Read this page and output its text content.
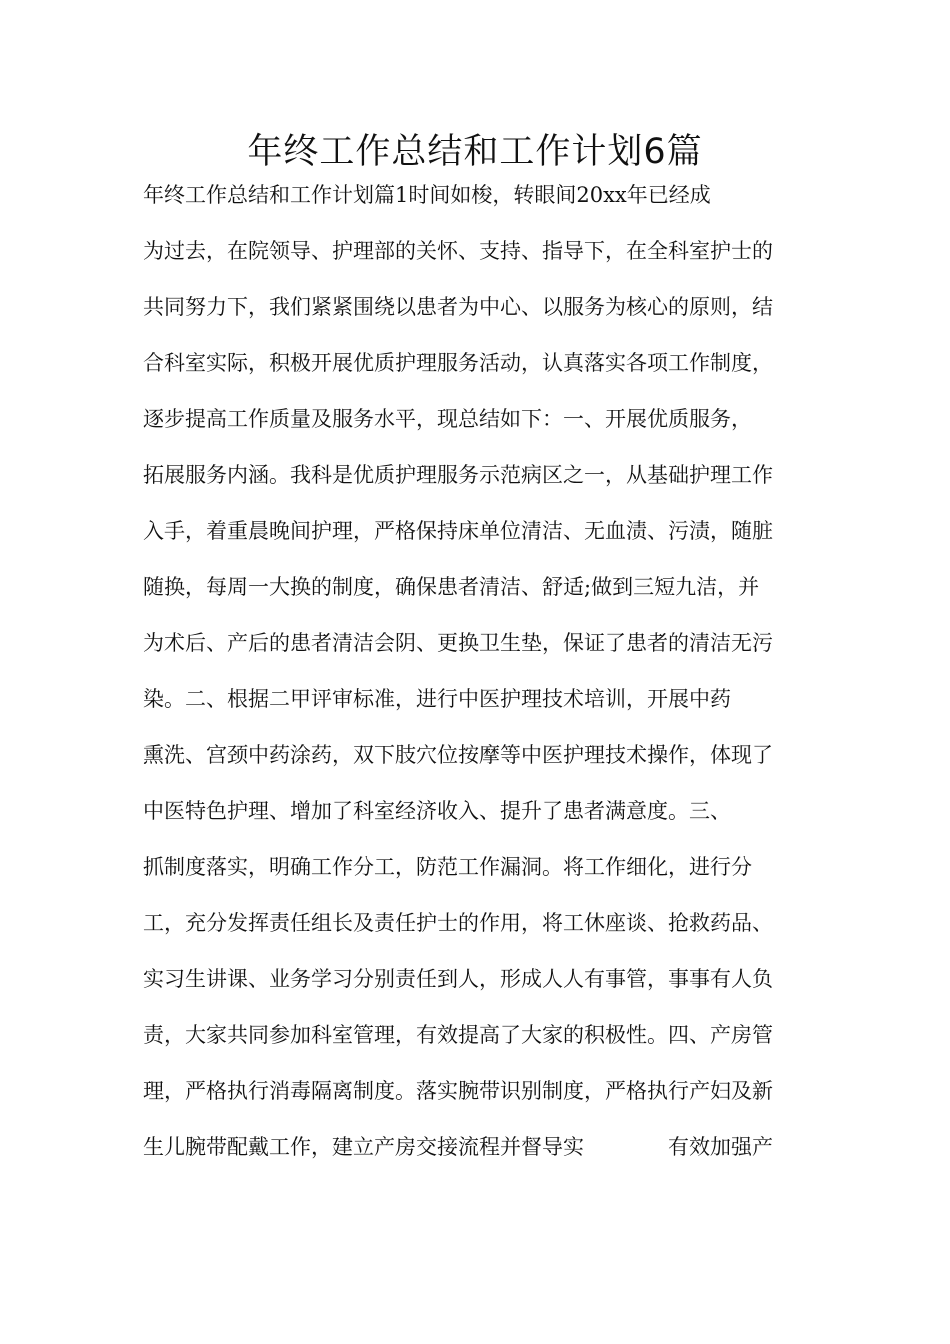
年终工作总结和工作计划6篇
年终工作总结和工作计划篇1时间如梭，转眼间20xx年已经成
为过去，在院领导、护理部的关怀、支持、指导下，在全科室护士的
共同努力下，我们紧紧围绕以患者为中心、以服务为核心的原则，结
合科室实际，积极开展优质护理服务活动，认真落实各项工作制度，
逐步提高工作质量及服务水平，现总结如下：一、开展优质服务，
拓展服务内涵。我科是优质护理服务示范病区之一，从基础护理工作
入手，着重晨晚间护理，严格保持床单位清洁、无血渍、污渍，随脏
随换，每周一大换的制度，确保患者清洁、舒适;做到三短九洁，并
为术后、产后的患者清洁会阴、更换卫生垫，保证了患者的清洁无污
染。二、根据二甲评审标准，进行中医护理技术培训，开展中药
熏洗、宫颈中药涂药，双下肢穴位按摩等中医护理技术操作，体现了
中医特色护理、增加了科室经济收入、提升了患者满意度。三、
抓制度落实，明确工作分工，防范工作漏洞。将工作细化，进行分
工，充分发挥责任组长及责任护士的作用，将工休座谈、抢救药品、
实习生讲课、业务学习分别责任到人，形成人人有事管，事事有人负
责，大家共同参加科室管理，有效提高了大家的积极性。四、产房管
理，严格执行消毒隔离制度。落实腕带识别制度，严格执行产妇及新
生儿腕带配戴工作，建立产房交接流程并督导实	有效加强产
